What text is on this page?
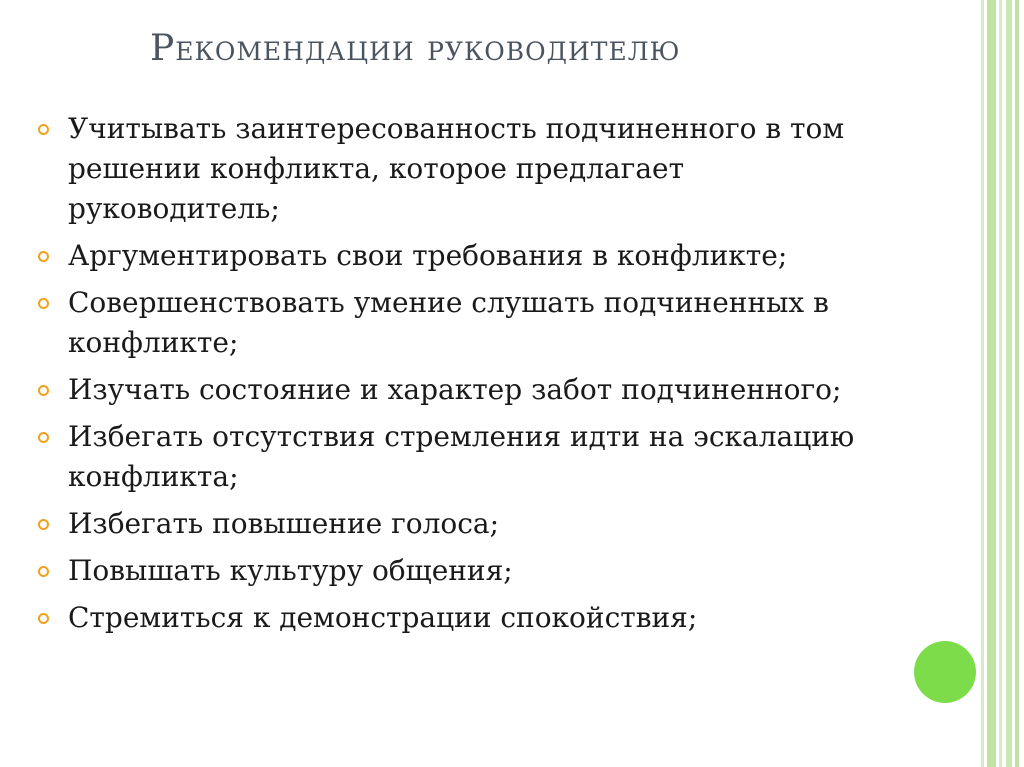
Рекомендации руководителю
Учитывать заинтересованность подчиненного в том
решении конфликта, которое предлагает
руководитель;
Аргументировать свои требования в конфликте;
Совершенствовать умение слушать подчиненных в
конфликте;
Изучать состояние и характер забот подчиненного;
Избегать отсутствия стремления идти на эскалацию
конфликта;
Избегать повышение голоса;
Повышать культуру общения;
Стремиться к демонстрации спокойствия;
